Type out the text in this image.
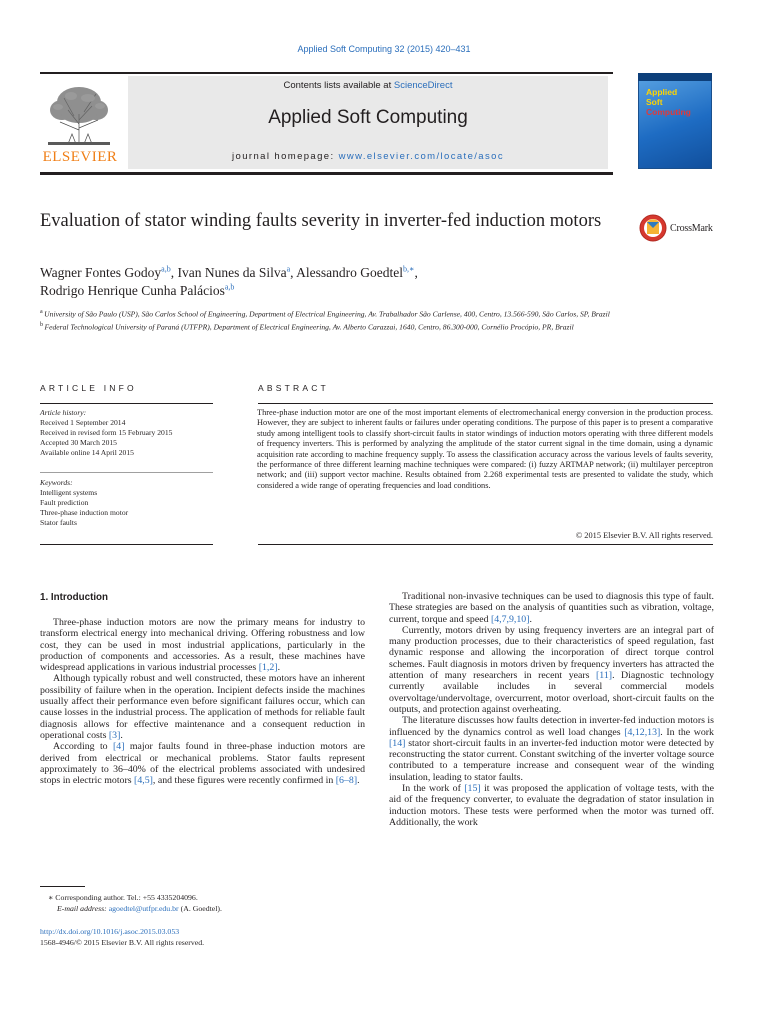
Applied Soft Computing 32 (2015) 420–431
ELSEVIER
Contents lists available at ScienceDirect
Applied Soft Computing
journal homepage: www.elsevier.com/locate/asoc
Applied
Soft
Computing
Evaluation of stator winding faults severity in inverter-fed induction motors	CrossMark
Wagner Fontes Godoy$^{a,b}$, Ivan Nunes da Silva$^a$, Alessandro Goedtel$^{b,∗}$,
Rodrigo Henrique Cunha Palácios$^{a,b}$
$^a$ University of São Paulo (USP), São Carlos School of Engineering, Department of Electrical Engineering, Av. Trabalhador São Carlense, 400, Centro, 13.566-590, São Carlos, SP, Brazil
$^b$ Federal Technological University of Paraná (UTFPR), Department of Electrical Engineering, Av. Alberto Carazzai, 1640, Centro, 86.300-000, Cornélio Procópio, PR, Brazil
ARTICLE INFO	ABSTRACT
Article history:
Received 1 September 2014
Received in revised form 15 February 2015
Accepted 30 March 2015
Available online 14 April 2015
Keywords:
Intelligent systems
Fault prediction
Three-phase induction motor
Stator faults
Three-phase induction motor are one of the most important elements of electromechanical energy conversion in the production process. However, they are subject to inherent faults or failures under operating conditions. The purpose of this paper is to present a comparative study among intelligent tools to classify short-circuit faults in stator windings of induction motors operating with three different models of frequency inverters. This is performed by analyzing the amplitude of the stator current signal in the time domain, using a dynamic acquisition rate according to machine frequency supply. To assess the classification accuracy across the various levels of faults severity, the performance of three different learning machine techniques were compared: (i) fuzzy ARTMAP network; (ii) multilayer perceptron network; and (iii) support vector machine. Results obtained from 2.268 experimental tests are presented to validate the study, which considered a wide range of operating frequencies and load conditions.
© 2015 Elsevier B.V. All rights reserved.
1. Introduction

Three-phase induction motors are now the primary means for industry to transform electrical energy into mechanical driving. Offering robustness and low cost, they can be used in most industrial applications, particularly in the production of components and accessories. As a result, these machines have widespread applications in various industrial processes [1,2].

Although typically robust and well constructed, these motors have an inherent possibility of failure when in the operation. Incipient defects inside the machines usually affect their performance even before significant failures occur, which can cause losses in the industrial process. The application of methods for reliable fault diagnosis allows for effective maintenance and a consequent reduction in operational costs [3].

According to [4] major faults found in three-phase induction motors are derived from electrical or mechanical problems. Stator faults represent approximately to 36–40% of the electrical problems associated with undesired stops in electric motors [4,5], and these figures were recently confirmed in [6–8].

Traditional non-invasive techniques can be used to diagnosis this type of fault. These strategies are based on the analysis of quantities such as vibration, voltage, current, torque and speed [4,7,9,10].

Currently, motors driven by using frequency inverters are an integral part of many production processes, due to their characteristics of speed regulation, fast dynamic response and allowing the incorporation of direct torque control schemes. Fault diagnosis in motors driven by frequency inverters has attracted the attention of many researchers in recent years [11]. Diagnostic technology currently available includes in several commercial models overvoltage/undervoltage, overcurrent, motor overload, short-circuit faults on the outputs, and protection against overheating.

The literature discusses how faults detection in inverter-fed induction motors is influenced by the dynamics control as well load changes [4,12,13]. In the work [14] stator short-circuit faults in an inverter-fed induction motor were detected by reconstructing the stator current. Constant switching of the inverter voltage source contributed to a temperature increase and consequent wear of the winding insulation, leading to stator faults.

In the work of [15] it was proposed the application of voltage tests, with the aid of the frequency converter, to evaluate the degradation of stator insulation in induction motors. These tests were performed when the motor was turned off. Additionally, the work

∗ Corresponding author. Tel.: +55 4335204096.
E-mail address: agoedtel@utfpr.edu.br (A. Goedtel).
http://dx.doi.org/10.1016/j.asoc.2015.03.053
1568-4946/© 2015 Elsevier B.V. All rights reserved.
